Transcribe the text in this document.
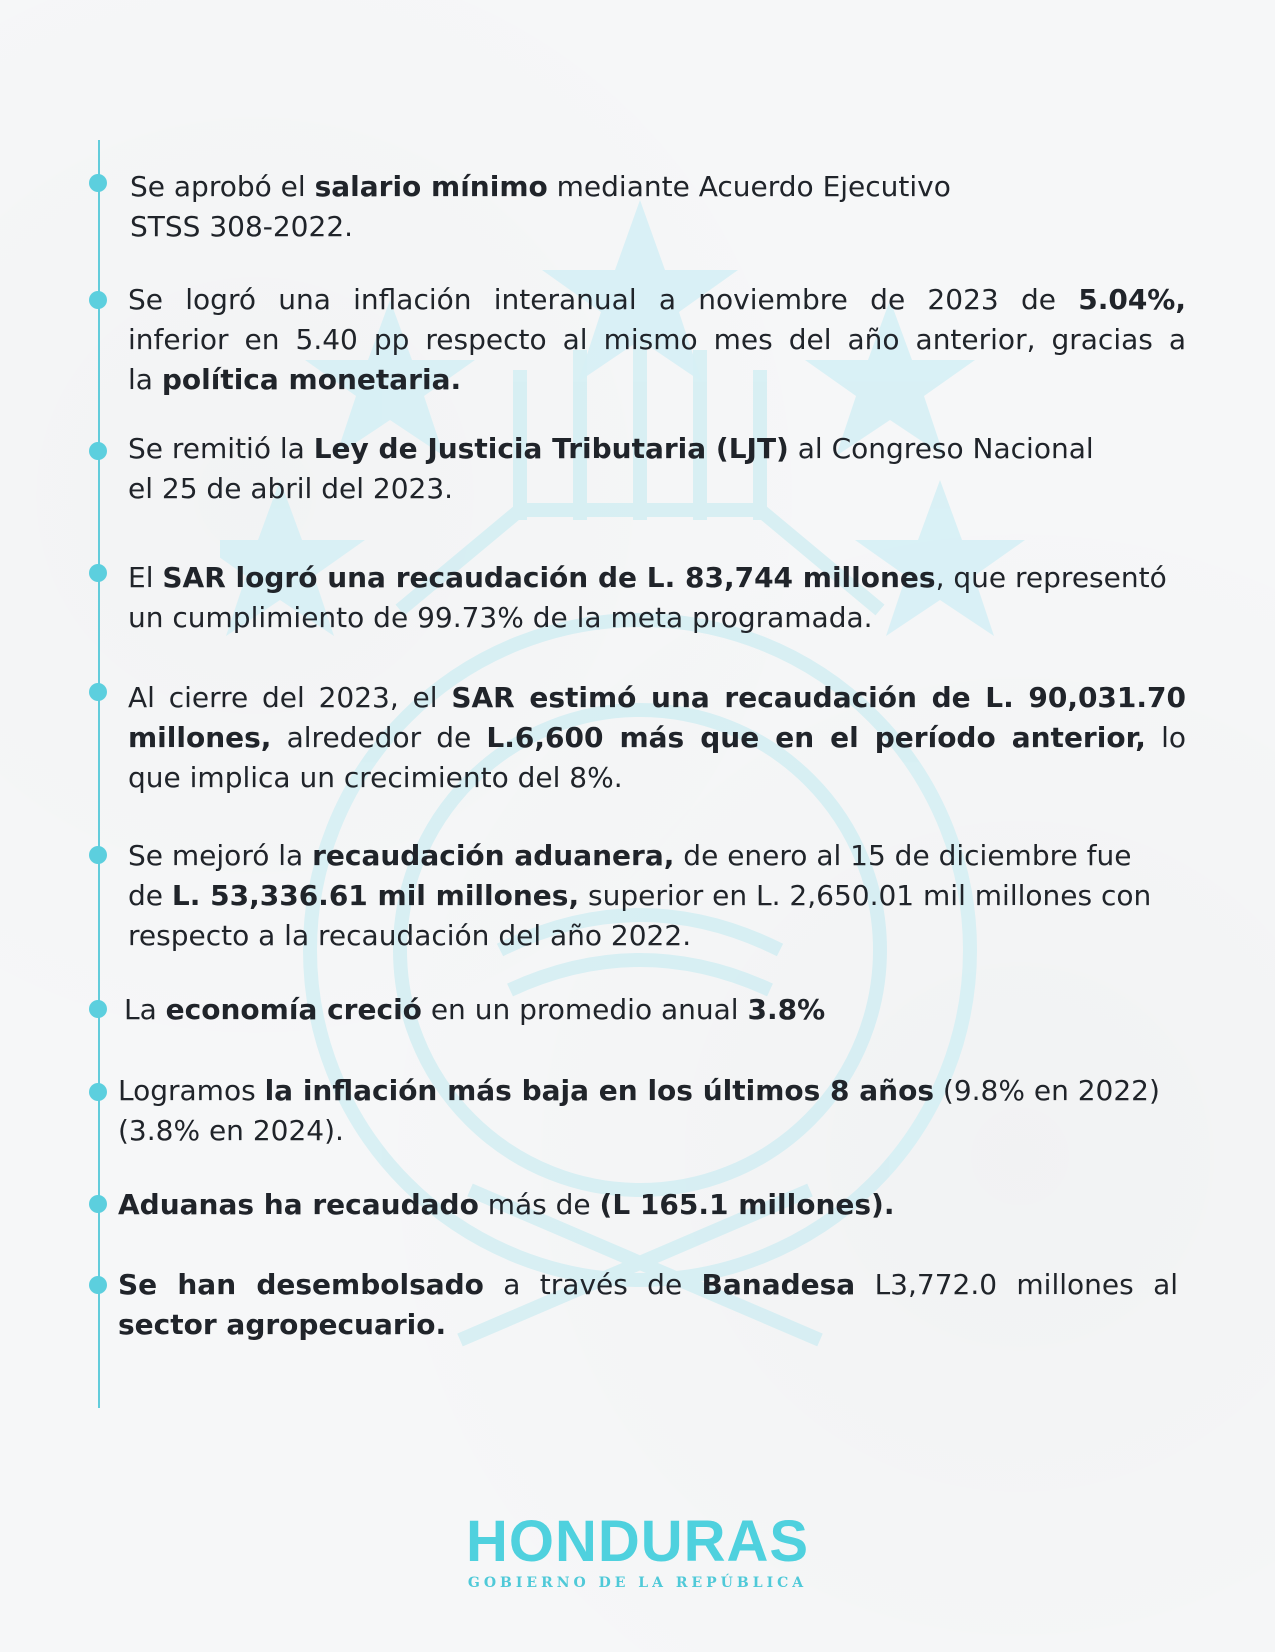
Se aprobó el salario mínimo mediante Acuerdo Ejecutivo
STSS 308-2022.
Se logró una inflación interanual a noviembre de 2023 de 5.04%,
inferior en 5.40 pp respecto al mismo mes del año anterior, gracias a
la política monetaria.
Se remitió la Ley de Justicia Tributaria (LJT) al Congreso Nacional
el 25 de abril del 2023.
El SAR logró una recaudación de L. 83,744 millones, que representó
un cumplimiento de 99.73% de la meta programada.
Al cierre del 2023, el SAR estimó una recaudación de L. 90,031.70
millones, alrededor de L.6,600 más que en el período anterior, lo
que implica un crecimiento del 8%.
Se mejoró la recaudación aduanera, de enero al 15 de diciembre fue
de L. 53,336.61 mil millones, superior en L. 2,650.01 mil millones con
respecto a la recaudación del año 2022.
La economía creció en un promedio anual 3.8%
Logramos la inflación más baja en los últimos 8 años (9.8% en 2022)
(3.8% en 2024).
Aduanas ha recaudado más de (L 165.1 millones).
Se han desembolsado a través de Banadesa L3,772.0 millones al
sector agropecuario.
HONDURAS
GOBIERNO DE LA REPÚBLICA
